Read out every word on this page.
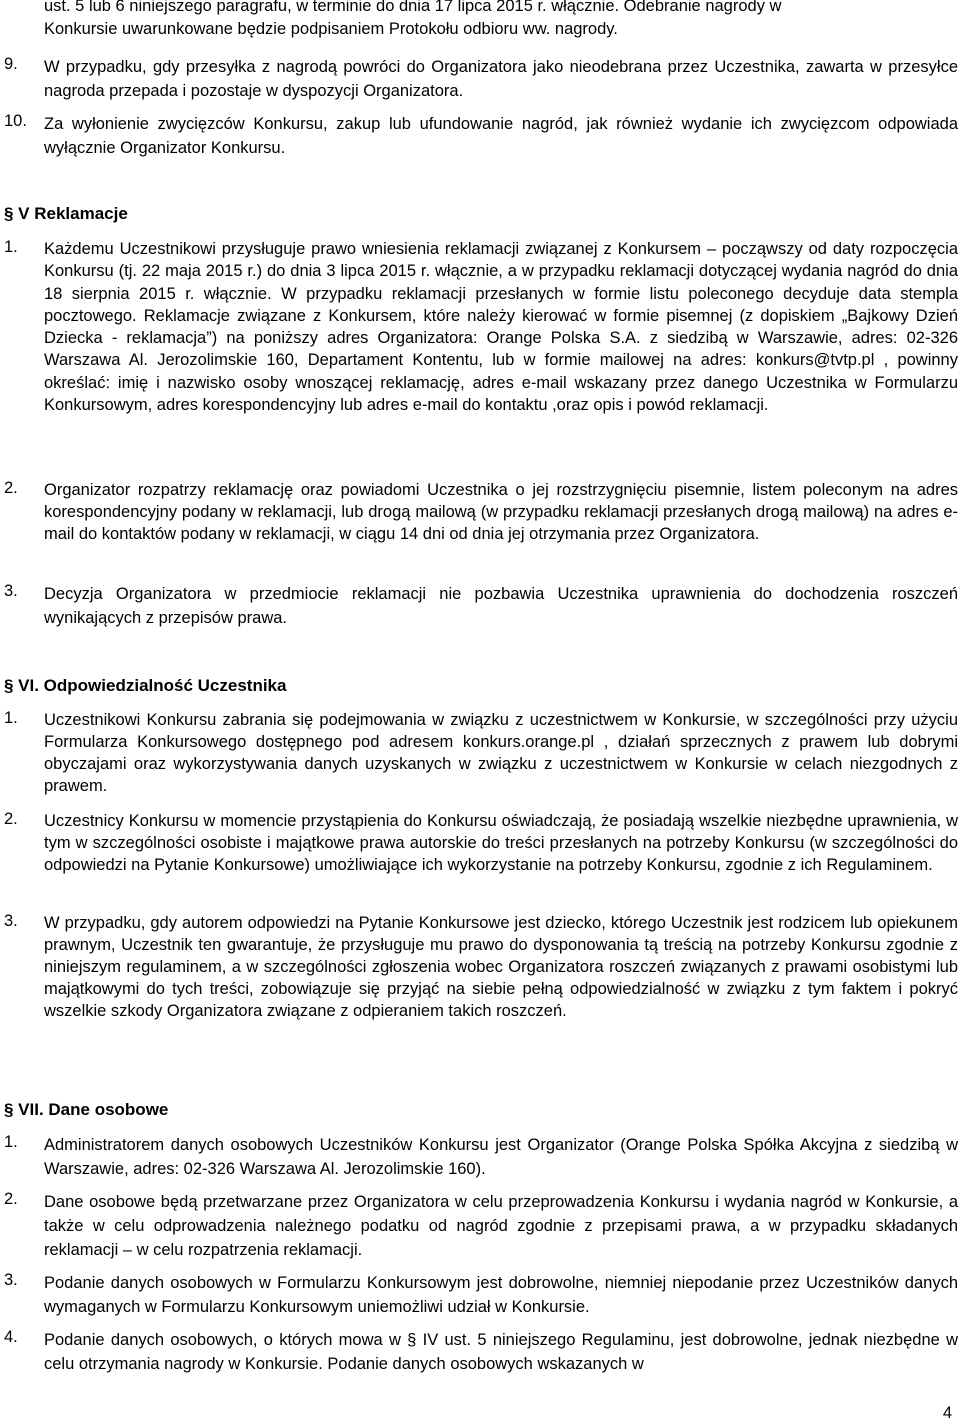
ust. 5 lub 6 niniejszego paragrafu, w terminie do dnia 17 lipca 2015 r. włącznie. Odebranie nagrody w
Konkursie uwarunkowane będzie podpisaniem Protokołu odbioru ww. nagrody.
9. W przypadku, gdy przesyłka z nagrodą powróci do Organizatora jako nieodebrana przez Uczestnika, zawarta w przesyłce nagroda przepada i pozostaje w dyspozycji Organizatora.
10. Za wyłonienie zwycięzców Konkursu, zakup lub ufundowanie nagród, jak również wydanie ich zwycięzcom odpowiada wyłącznie Organizator Konkursu.
§ V Reklamacje
1. Każdemu Uczestnikowi przysługuje prawo wniesienia reklamacji związanej z Konkursem – począwszy od daty rozpoczęcia Konkursu (tj. 22 maja 2015 r.) do dnia 3 lipca 2015 r. włącznie, a w przypadku reklamacji dotyczącej wydania nagród do dnia 18 sierpnia 2015 r. włącznie. W przypadku reklamacji przesłanych w formie listu poleconego decyduje data stempla pocztowego. Reklamacje związane z Konkursem, które należy kierować w formie pisemnej (z dopiskiem „Bajkowy Dzień Dziecka - reklamacja”) na poniższy adres Organizatora: Orange Polska S.A. z siedzibą w Warszawie, adres: 02-326 Warszawa Al. Jerozolimskie 160, Departament Kontentu, lub w formie mailowej na adres: konkurs@tvtp.pl , powinny określać: imię i nazwisko osoby wnoszącej reklamację, adres e-mail wskazany przez danego Uczestnika w Formularzu Konkursowym, adres korespondencyjny lub adres e-mail do kontaktu ,oraz opis i powód reklamacji.
2. Organizator rozpatrzy reklamację oraz powiadomi Uczestnika o jej rozstrzygnięciu pisemnie, listem poleconym na adres korespondencyjny podany w reklamacji, lub drogą mailową (w przypadku reklamacji przesłanych drogą mailową) na adres e-mail do kontaktów podany w reklamacji, w ciągu 14 dni od dnia jej otrzymania przez Organizatora.
3. Decyzja Organizatora w przedmiocie reklamacji nie pozbawia Uczestnika uprawnienia do dochodzenia roszczeń wynikających z przepisów prawa.
§ VI. Odpowiedzialność Uczestnika
1. Uczestnikowi Konkursu zabrania się podejmowania w związku z uczestnictwem w Konkursie, w szczególności przy użyciu Formularza Konkursowego dostępnego pod adresem konkurs.orange.pl , działań sprzecznych z prawem lub dobrymi obyczajami oraz wykorzystywania danych uzyskanych w związku z uczestnictwem w Konkursie w celach niezgodnych z prawem.
2. Uczestnicy Konkursu w momencie przystąpienia do Konkursu oświadczają, że posiadają wszelkie niezbędne uprawnienia, w tym w szczególności osobiste i majątkowe prawa autorskie do treści przesłanych na potrzeby Konkursu (w szczególności do odpowiedzi na Pytanie Konkursowe) umożliwiające ich wykorzystanie na potrzeby Konkursu, zgodnie z ich Regulaminem.
3. W przypadku, gdy autorem odpowiedzi na Pytanie Konkursowe jest dziecko, którego Uczestnik jest rodzicem lub opiekunem prawnym, Uczestnik ten gwarantuje, że przysługuje mu prawo do dysponowania tą treścią na potrzeby Konkursu zgodnie z niniejszym regulaminem, a w szczególności zgłoszenia wobec Organizatora roszczeń związanych z prawami osobistymi lub majątkowymi do tych treści, zobowiązuje się przyjąć na siebie pełną odpowiedzialność w związku z tym faktem i pokryć wszelkie szkody Organizatora związane z odpieraniem takich roszczeń.
§ VII. Dane osobowe
1. Administratorem danych osobowych Uczestników Konkursu jest Organizator (Orange Polska Spółka Akcyjna z siedzibą w Warszawie, adres: 02-326 Warszawa Al. Jerozolimskie 160).
2. Dane osobowe będą przetwarzane przez Organizatora w celu przeprowadzenia Konkursu i wydania nagród w Konkursie, a także w celu odprowadzenia należnego podatku od nagród zgodnie z przepisami prawa, a w przypadku składanych reklamacji – w celu rozpatrzenia reklamacji.
3. Podanie danych osobowych w Formularzu Konkursowym jest dobrowolne, niemniej niepodanie przez Uczestników danych wymaganych w Formularzu Konkursowym uniemożliwi udział w Konkursie.
4. Podanie danych osobowych, o których mowa w § IV ust. 5 niniejszego Regulaminu, jest dobrowolne, jednak niezbędne w celu otrzymania nagrody w Konkursie. Podanie danych osobowych wskazanych w
4
